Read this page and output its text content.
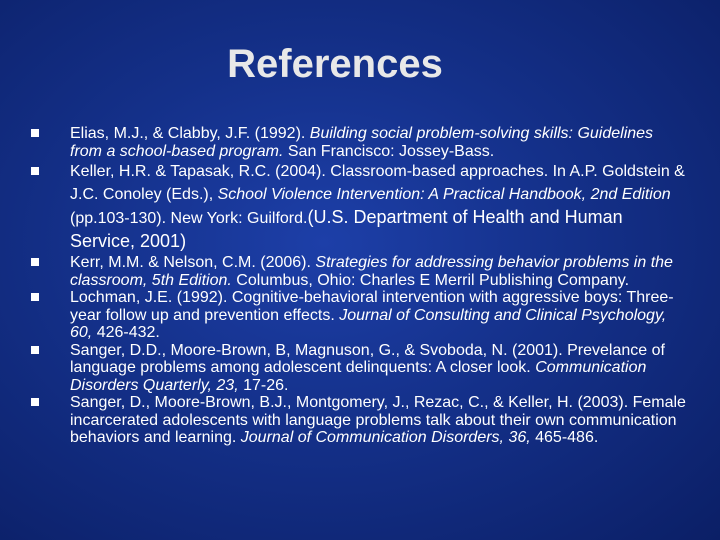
References
Elias, M.J., & Clabby, J.F. (1992). Building social problem-solving skills: Guidelines from a school-based program. San Francisco: Jossey-Bass.
Keller, H.R. & Tapasak, R.C. (2004). Classroom-based approaches. In A.P. Goldstein & J.C. Conoley (Eds.), School Violence Intervention: A Practical Handbook, 2nd Edition (pp.103-130). New York: Guilford.(U.S. Department of Health and Human Service, 2001)
Kerr, M.M. & Nelson, C.M. (2006). Strategies for addressing behavior problems in the classroom, 5th Edition. Columbus, Ohio: Charles E Merril Publishing Company.
Lochman, J.E. (1992). Cognitive-behavioral intervention with aggressive boys: Three-year follow up and prevention effects. Journal of Consulting and Clinical Psychology, 60, 426-432.
Sanger, D.D., Moore-Brown, B, Magnuson, G., & Svoboda, N. (2001). Prevelance of language problems among adolescent delinquents: A closer look. Communication Disorders Quarterly, 23, 17-26.
Sanger, D., Moore-Brown, B.J., Montgomery, J., Rezac, C., & Keller, H. (2003). Female incarcerated adolescents with language problems talk about their own communication behaviors and learning. Journal of Communication Disorders, 36, 465-486.
